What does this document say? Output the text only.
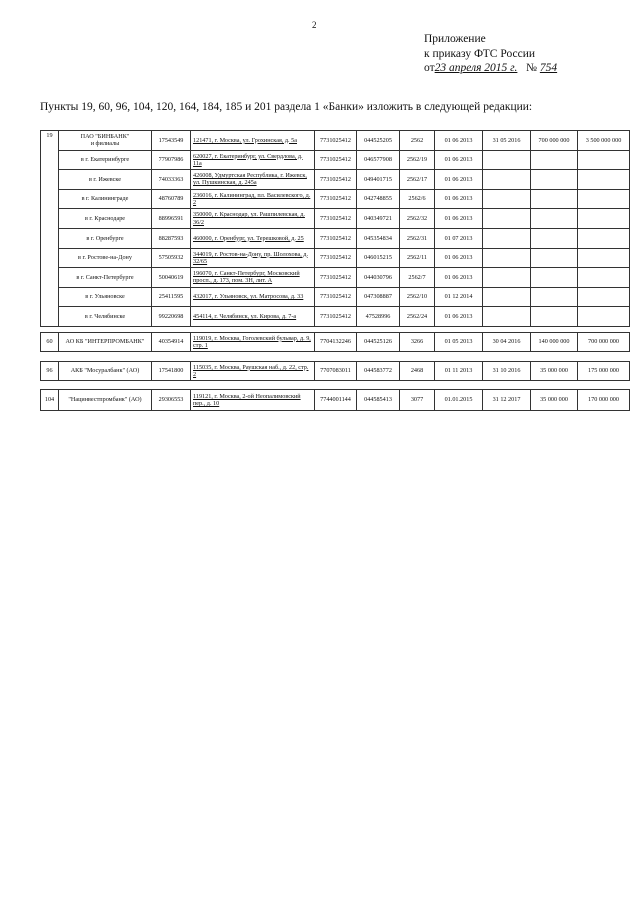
2
Приложение
к приказу ФТС России
от23 апреля 2015 г. № 754
Пункты 19, 60, 96, 104, 120, 164, 184, 185 и 201 раздела 1 «Банки» изложить в следующей редакции:
19	ПАО "БИНБАНК"
и филиалы	17543549	121471, г. Москва, ул. Грохинская, д. 5а	7731025412	044525205	2562	01 06 2013	31 05 2016	700 000 000	3 500 000 000
	в г. Екатеринбурге	77907986	620027, г. Екатеринбург, ул. Свердлова, д. 11а	7731025412	046577908	2562/19	01 06 2013			
	в г. Ижевске	74033363	426008, Удмуртская Республика, г. Ижевск, ул. Пушкинская, д. 245а	7731025412	049401715	2562/17	01 06 2013			
	в г. Калининграде	48760789	236016, г. Калининград, пл. Василевского, д. 2	7731025412	042748855	2562/6	01 06 2013			
	в г. Краснодаре	88996591	350000, г. Краснодар, ул. Рашпилевская, д. 36/2	7731025412	040349721	2562/32	01 06 2013			
	в г. Оренбурге	88287593	460000, г. Оренбург, ул. Терешковой, д. 25	7731025412	045354834	2562/31	01 07 2013			
	в г. Ростове-на-Дону	57505932	344019, г. Ростов-на-Дону, пр. Шолохова, д. 32/65	7731025412	046015215	2562/11	01 06 2013			
	в г. Санкт-Петербурге	50040619	196070, г. Санкт-Петербург, Московский просп., д. 173, пом. 3Н, лит. А	7731025412	044030796	2562/7	01 06 2013			
	в г. Ульяновске	25411595	432017, г. Ульяновск, ул. Матросова, д. 33	7731025412	047308887	2562/10	01 12 2014			
	в г. Челябинске	99220698	454114, г. Челябинск, ул. Кирова, д. 7-а	7731025412	47528996	2562/24	01 06 2013			
60	АО КБ "ИНТЕРПРОМБАНК"	40354914	119019, г. Москва, Гоголевский бульвар, д. 9, стр. 1	7704132246	044525126	3266	01 05 2013	30 04 2016	140 000 000	700 000 000
96	АКБ "Мосуралбанк" (АО)	17541800	115035, г. Москва, Раушская наб., д. 22, стр. 2	7707083011	044583772	2468	01 11 2013	31 10 2016	35 000 000	175 000 000
104	"Нацинвестпромбанк" (АО)	29306553	119121, г. Москва, 2-ой Неопалимовский пер., д. 10	7744001144	044585413	3077	01.01.2015	31 12 2017	35 000 000	170 000 000
